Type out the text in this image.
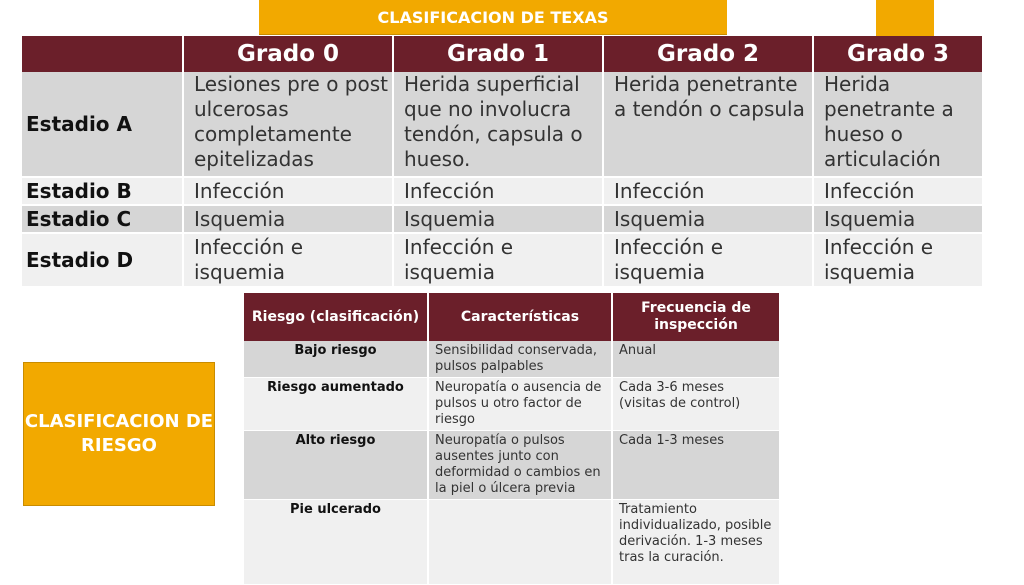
CLASIFICACION DE TEXAS
	Grado 0	Grado 1	Grado 2	Grado 3
Estadio A	Lesiones pre o post ulcerosas completamente epitelizadas	Herida superficial que no involucra tendón, capsula o hueso.	Herida penetrante a tendón o capsula	Herida penetrante a hueso o articulación
Estadio B	Infección	Infección	Infección	Infección
Estadio C	Isquemia	Isquemia	Isquemia	Isquemia
Estadio D	Infección e isquemia	Infección e isquemia	Infección e isquemia	Infección e isquemia
CLASIFICACION DE RIESGO
Riesgo (clasificación)	Características	Frecuencia de inspección
Bajo riesgo	Sensibilidad conservada, pulsos palpables	Anual
Riesgo aumentado	Neuropatía o ausencia de pulsos u otro factor de riesgo	Cada 3-6 meses (visitas de control)
Alto riesgo	Neuropatía o pulsos ausentes junto con deformidad o cambios en la piel o úlcera previa	Cada 1-3 meses
Pie ulcerado		Tratamiento individualizado, posible derivación. 1-3 meses tras la curación.
